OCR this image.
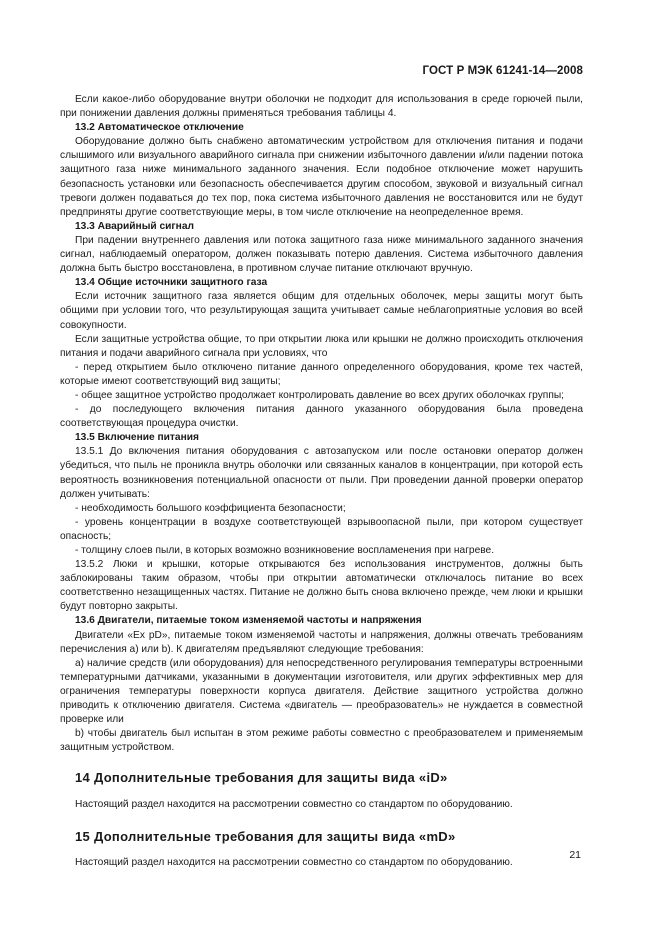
ГОСТ Р МЭК 61241-14—2008

Если какое-либо оборудование внутри оболочки не подходит для использования в среде горючей пыли, при понижении давления должны применяться требования таблицы 4.

13.2 Автоматическое отключение

Оборудование должно быть снабжено автоматическим устройством для отключения питания и подачи слышимого или визуального аварийного сигнала при снижении избыточного давлении и/или падении потока защитного газа ниже минимального заданного значения. Если подобное отключение может нарушить безопасность установки или безопасность обеспечивается другим способом, звуковой и визуальный сигнал тревоги должен подаваться до тех пор, пока система избыточного давления не восстановится или не будут предприняты другие соответствующие меры, в том числе отключение на неопределенное время.

13.3 Аварийный сигнал

При падении внутреннего давления или потока защитного газа ниже минимального заданного значения сигнал, наблюдаемый оператором, должен показывать потерю давления. Система избыточного давления должна быть быстро восстановлена, в противном случае питание отключают вручную.

13.4 Общие источники защитного газа

Если источник защитного газа является общим для отдельных оболочек, меры защиты могут быть общими при условии того, что результирующая защита учитывает самые неблагоприятные условия во всей совокупности.

Если защитные устройства общие, то при открытии люка или крышки не должно происходить отключения питания и подачи аварийного сигнала при условиях, что

- перед открытием было отключено питание данного определенного оборудования, кроме тех частей, которые имеют соответствующий вид защиты;

- общее защитное устройство продолжает контролировать давление во всех других оболочках группы;

- до последующего включения питания данного указанного оборудования была проведена соответствующая процедура очистки.

13.5 Включение питания

13.5.1 До включения питания оборудования с автозапуском или после остановки оператор должен убедиться, что пыль не проникла внутрь оболочки или связанных каналов в концентрации, при которой есть вероятность возникновения потенциальной опасности от пыли. При проведении данной проверки оператор должен учитывать:

- необходимость большого коэффициента безопасности;

- уровень концентрации в воздухе соответствующей взрывоопасной пыли, при котором существует опасность;

- толщину слоев пыли, в которых возможно возникновение воспламенения при нагреве.

13.5.2 Люки и крышки, которые открываются без использования инструментов, должны быть заблокированы таким образом, чтобы при открытии автоматически отключалось питание во всех соответственно незащищенных частях. Питание не должно быть снова включено прежде, чем люки и крышки будут повторно закрыты.

13.6 Двигатели, питаемые током изменяемой частоты и напряжения

Двигатели «Ex pD», питаемые током изменяемой частоты и напряжения, должны отвечать требованиям перечисления а) или b). К двигателям предъявляют следующие требования:

a) наличие средств (или оборудования) для непосредственного регулирования температуры встроенными температурными датчиками, указанными в документации изготовителя, или других эффективных мер для ограничения температуры поверхности корпуса двигателя. Действие защитного устройства должно приводить к отключению двигателя. Система «двигатель — преобразователь» не нуждается в совместной проверке или

b) чтобы двигатель был испытан в этом режиме работы совместно с преобразователем и применяемым защитным устройством.

14 Дополнительные требования для защиты вида «iD»

Настоящий раздел находится на рассмотрении совместно со стандартом по оборудованию.

15 Дополнительные требования для защиты вида «mD»

Настоящий раздел находится на рассмотрении совместно со стандартом по оборудованию.

21
